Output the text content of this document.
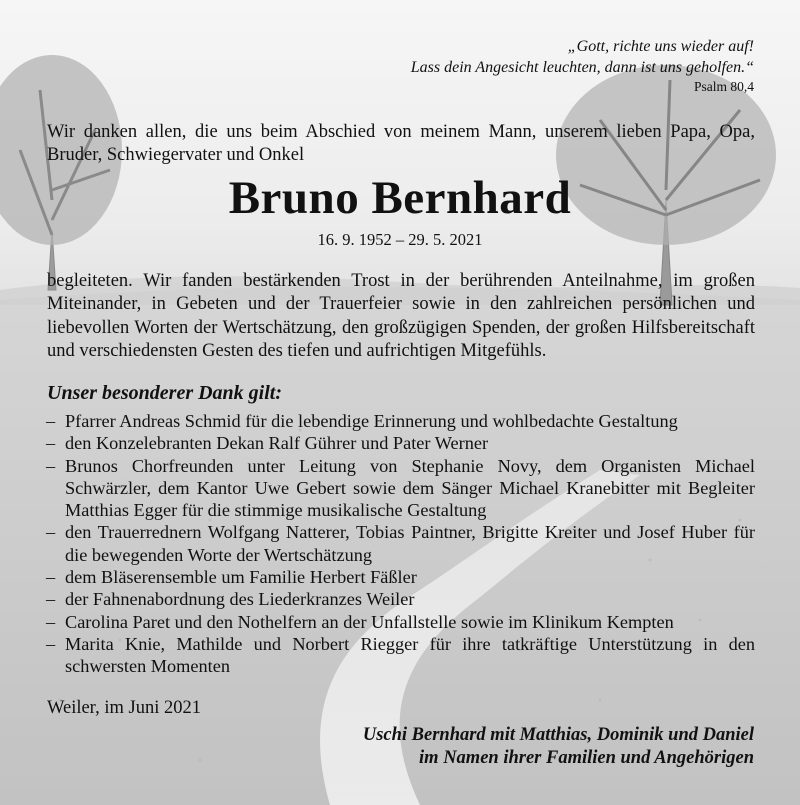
„Gott, richte uns wieder auf!
Lass dein Angesicht leuchten, dann ist uns geholfen.“
Psalm 80,4
Wir danken allen, die uns beim Abschied von meinem Mann, unserem lieben Papa, Opa, Bruder, Schwiegervater und Onkel
Bruno Bernhard
16. 9. 1952 – 29. 5. 2021
begleiteten. Wir fanden bestärkenden Trost in der berührenden Anteilnahme, im großen Miteinander, in Gebeten und der Trauerfeier sowie in den zahlreichen persönlichen und liebevollen Worten der Wertschätzung, den großzügigen Spenden, der großen Hilfsbereitschaft und verschiedensten Gesten des tiefen und aufrichtigen Mitgefühls.
Unser besonderer Dank gilt:
– Pfarrer Andreas Schmid für die lebendige Erinnerung und wohlbedachte Gestaltung
– den Konzelebranten Dekan Ralf Gührer und Pater Werner
– Brunos Chorfreunden unter Leitung von Stephanie Novy, dem Organisten Michael Schwärzler, dem Kantor Uwe Gebert sowie dem Sänger Michael Kranebitter mit Begleiter Matthias Egger für die stimmige musikalische Gestaltung
– den Trauerrednern Wolfgang Natterer, Tobias Paintner, Brigitte Kreiter und Josef Huber für die bewegenden Worte der Wertschätzung
– dem Bläserensemble um Familie Herbert Fäßler
– der Fahnenabordnung des Liederkranzes Weiler
– Carolina Paret und den Nothelfern an der Unfallstelle sowie im Klinikum Kempten
– Marita Knie, Mathilde und Norbert Riegger für ihre tatkräftige Unterstützung in den schwersten Momenten
Weiler, im Juni 2021
Uschi Bernhard mit Matthias, Dominik und Daniel
im Namen ihrer Familien und Angehörigen
